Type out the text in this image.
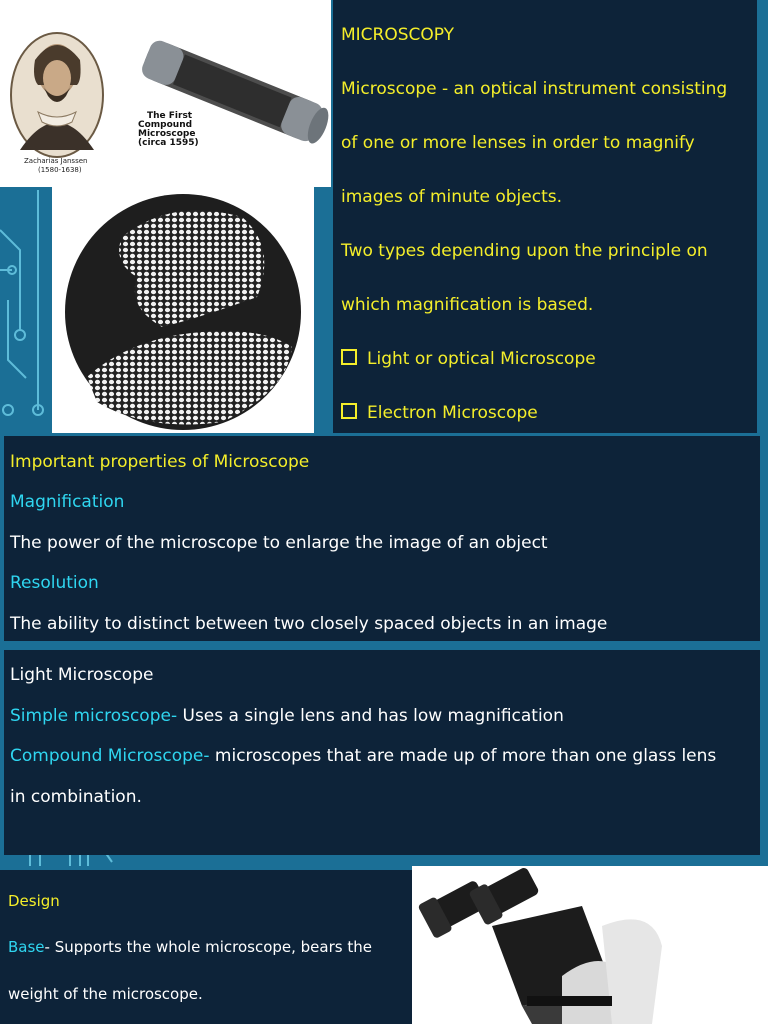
Zacharias Janssen
(1580-1638)
The First
Compound
Microscope
(circa 1595)
MICROSCOPY
Microscope - an optical instrument consisting
of one or more lenses in order to magnify
images of minute objects.
Two types depending upon the principle on
which magnification is based.
Light or optical Microscope
Electron Microscope
Important properties of Microscope
Magnification
The power of the microscope to enlarge the image of an object
Resolution
The ability to distinct between two closely spaced objects in an image
Light Microscope
Simple microscope- Uses a single lens and has low magnification
Compound Microscope- microscopes that are made up of more than one glass lens
in combination.
Design
Base- Supports the whole microscope, bears the
weight of the microscope.
